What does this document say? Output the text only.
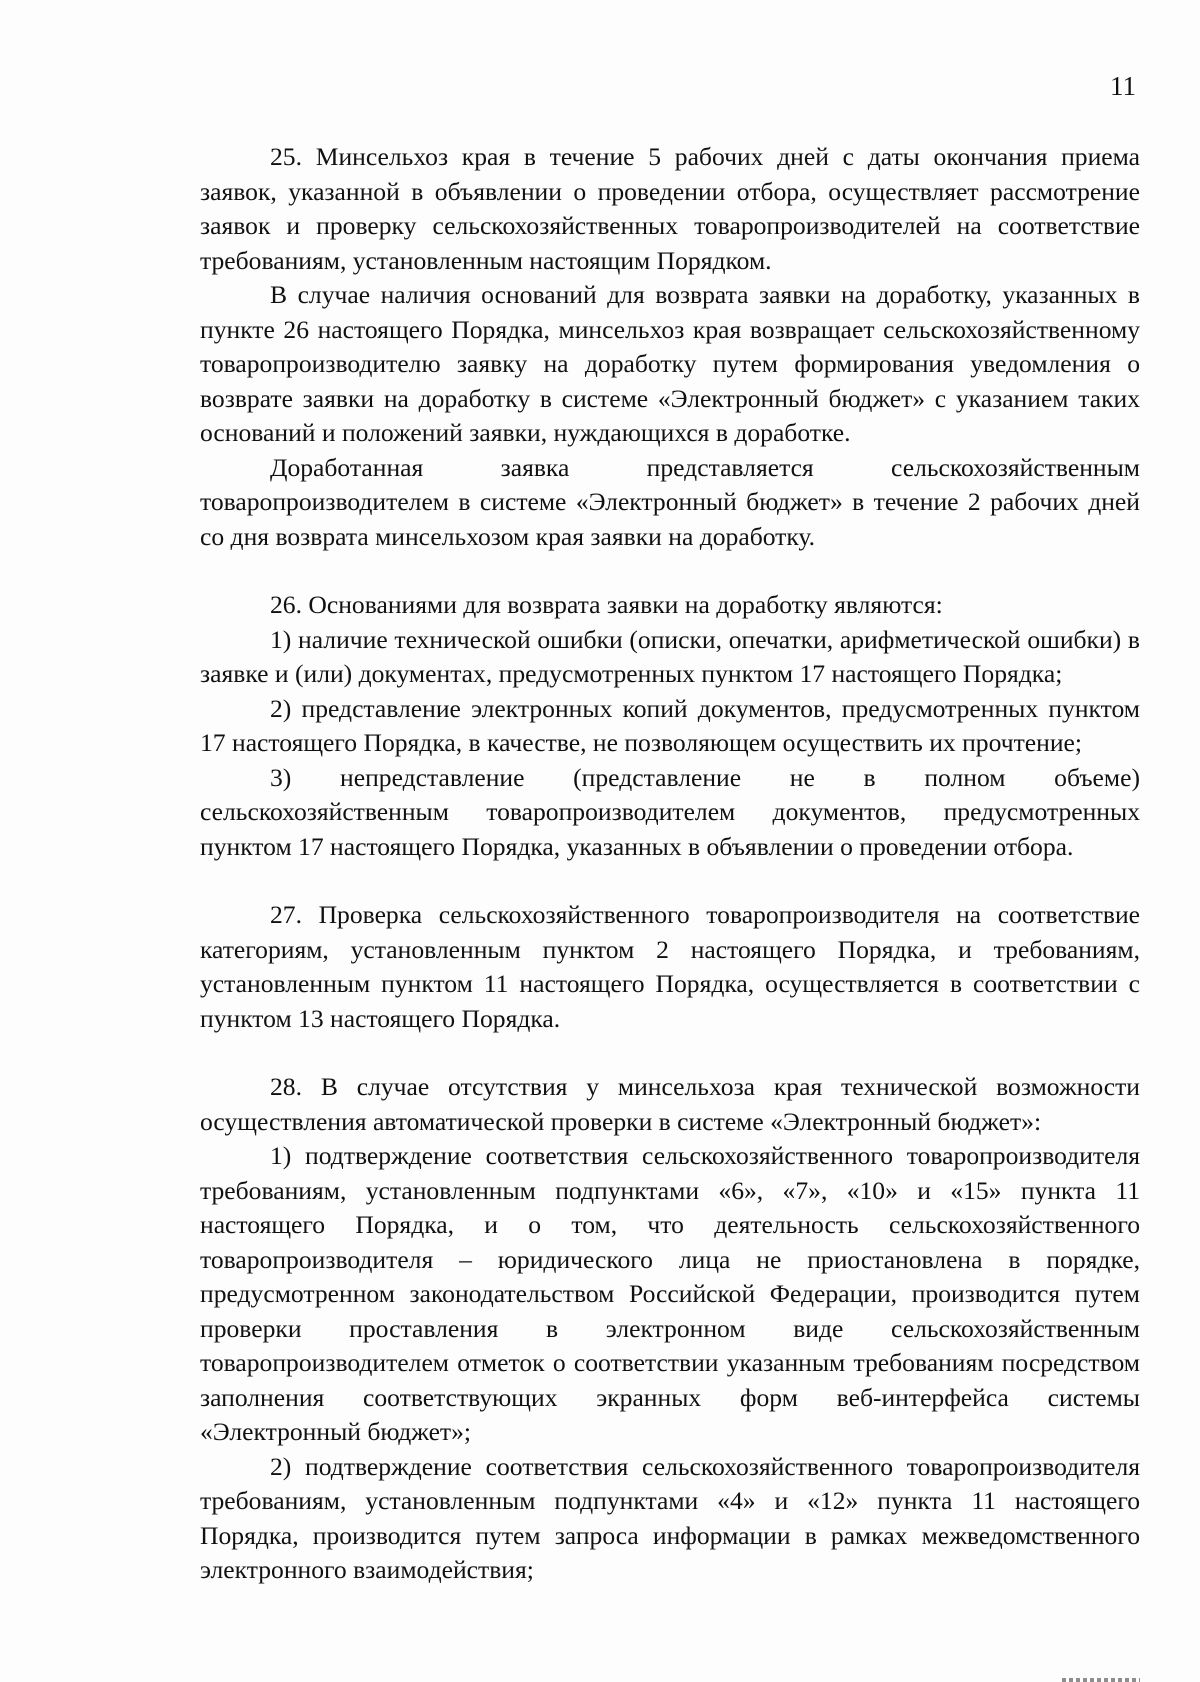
11

25. Минсельхоз края в течение 5 рабочих дней с даты окончания приема заявок, указанной в объявлении о проведении отбора, осуществляет рассмотрение заявок и проверку сельскохозяйственных товаропроизводителей на соответствие требованиям, установленным настоящим Порядком.

В случае наличия оснований для возврата заявки на доработку, указанных в пункте 26 настоящего Порядка, минсельхоз края возвращает сельскохозяйственному товаропроизводителю заявку на доработку путем формирования уведомления о возврате заявки на доработку в системе «Электронный бюджет» с указанием таких оснований и положений заявки, нуждающихся в доработке.

Доработанная заявка представляется сельскохозяйственным товаропроизводителем в системе «Электронный бюджет» в течение 2 рабочих дней со дня возврата минсельхозом края заявки на доработку.

26. Основаниями для возврата заявки на доработку являются:

1) наличие технической ошибки (описки, опечатки, арифметической ошибки) в заявке и (или) документах, предусмотренных пунктом 17 настоящего Порядка;

2) представление электронных копий документов, предусмотренных пунктом 17 настоящего Порядка, в качестве, не позволяющем осуществить их прочтение;

3) непредставление (представление не в полном объеме) сельскохозяйственным товаропроизводителем документов, предусмотренных пунктом 17 настоящего Порядка, указанных в объявлении о проведении отбора.

27. Проверка сельскохозяйственного товаропроизводителя на соответствие категориям, установленным пунктом 2 настоящего Порядка, и требованиям, установленным пунктом 11 настоящего Порядка, осуществляется в соответствии с пунктом 13 настоящего Порядка.

28. В случае отсутствия у минсельхоза края технической возможности осуществления автоматической проверки в системе «Электронный бюджет»:

1) подтверждение соответствия сельскохозяйственного товаропроизводителя требованиям, установленным подпунктами «6», «7», «10» и «15» пункта 11 настоящего Порядка, и о том, что деятельность сельскохозяйственного товаропроизводителя – юридического лица не приостановлена в порядке, предусмотренном законодательством Российской Федерации, производится путем проверки проставления в электронном виде сельскохозяйственным товаропроизводителем отметок о соответствии указанным требованиям посредством заполнения соответствующих экранных форм веб-интерфейса системы «Электронный бюджет»;

2) подтверждение соответствия сельскохозяйственного товаропроизводителя требованиям, установленным подпунктами «4» и «12» пункта 11 настоящего Порядка, производится путем запроса информации в рамках межведомственного электронного взаимодействия;
